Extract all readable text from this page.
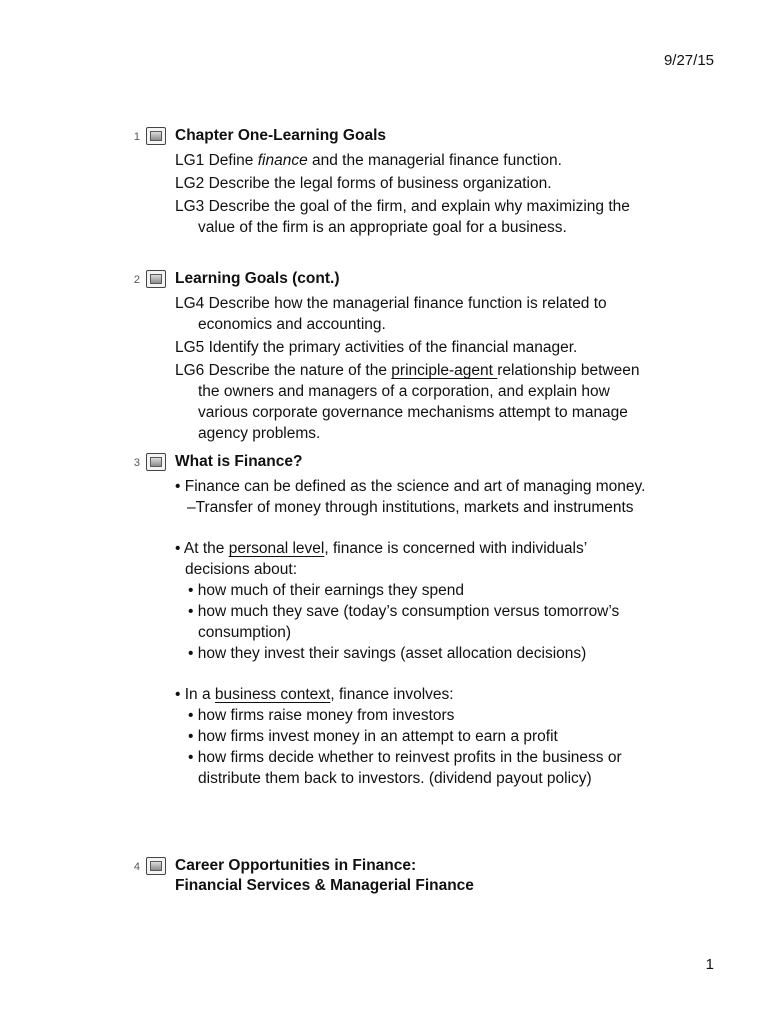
9/27/15
1 Chapter One-Learning Goals

LG1 Define finance and the managerial finance function.

LG2 Describe the legal forms of business organization.

LG3 Describe the goal of the firm, and explain why maximizing the value of the firm is an appropriate goal for a business.

2 Learning Goals (cont.)

LG4 Describe how the managerial finance function is related to economics and accounting.

LG5 Identify the primary activities of the financial manager.

LG6 Describe the nature of the principle-agent relationship between the owners and managers of a corporation, and explain how various corporate governance mechanisms attempt to manage agency problems.

3 What is Finance?

• Finance can be defined as the science and art of managing money.

–Transfer of money through institutions, markets and instruments

• At the personal level, finance is concerned with individuals’ decisions about:

• how much of their earnings they spend

• how much they save (today’s consumption versus tomorrow’s consumption)

• how they invest their savings (asset allocation decisions)

• In a business context, finance involves:

• how firms raise money from investors

• how firms invest money in an attempt to earn a profit

• how firms decide whether to reinvest profits in the business or distribute them back to investors. (dividend payout policy)

4 Career Opportunities in Finance:
Financial Services & Managerial Finance
1
